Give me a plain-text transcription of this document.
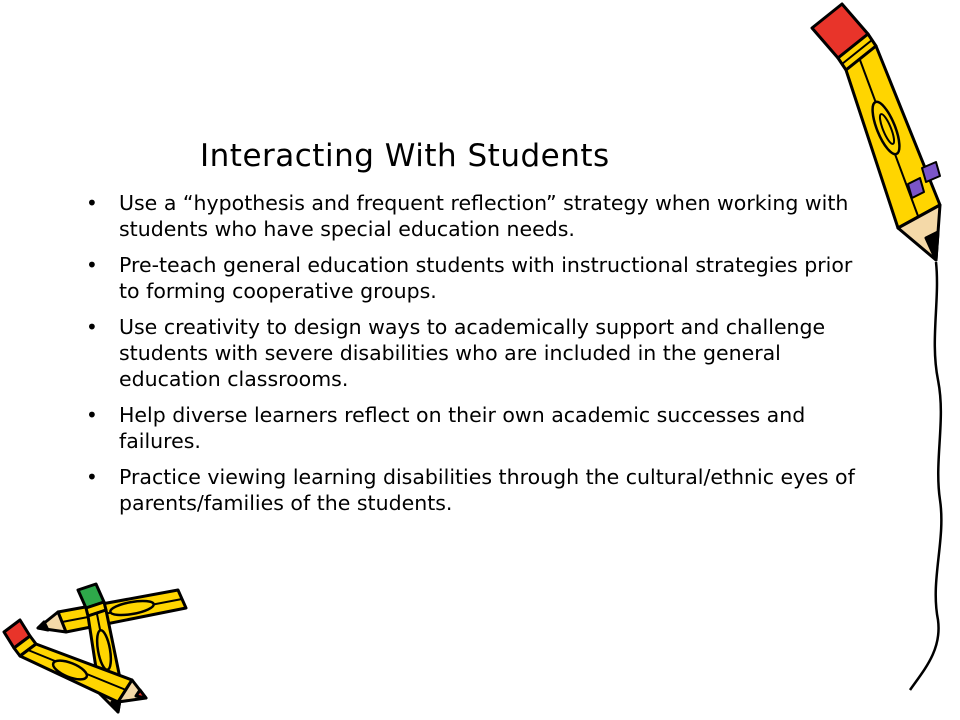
Interacting With Students
• Use a “hypothesis and frequent reflection” strategy when working with students who have special education needs.
• Pre-teach general education students with instructional strategies prior to forming cooperative groups.
• Use creativity to design ways to academically support and challenge students with severe disabilities who are included in the general education classrooms.
• Help diverse learners reflect on their own academic successes and failures.
• Practice viewing learning disabilities through the cultural/ethnic eyes of parents/families of the students.
